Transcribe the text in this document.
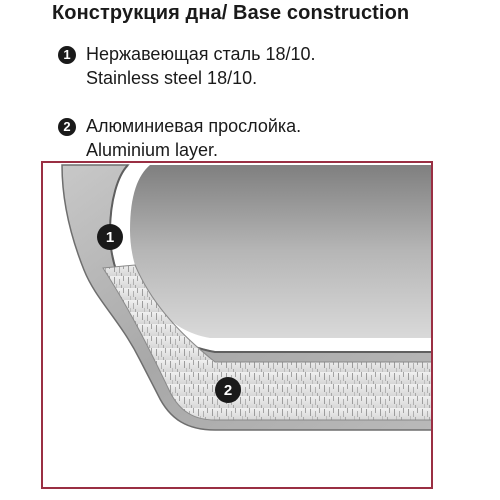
Конструкция дна/ Base construction
1 Нержавеющая сталь 18/10.
Stainless steel 18/10.
2 Алюминиевая прослойка.
Aluminium layer.
1
2
